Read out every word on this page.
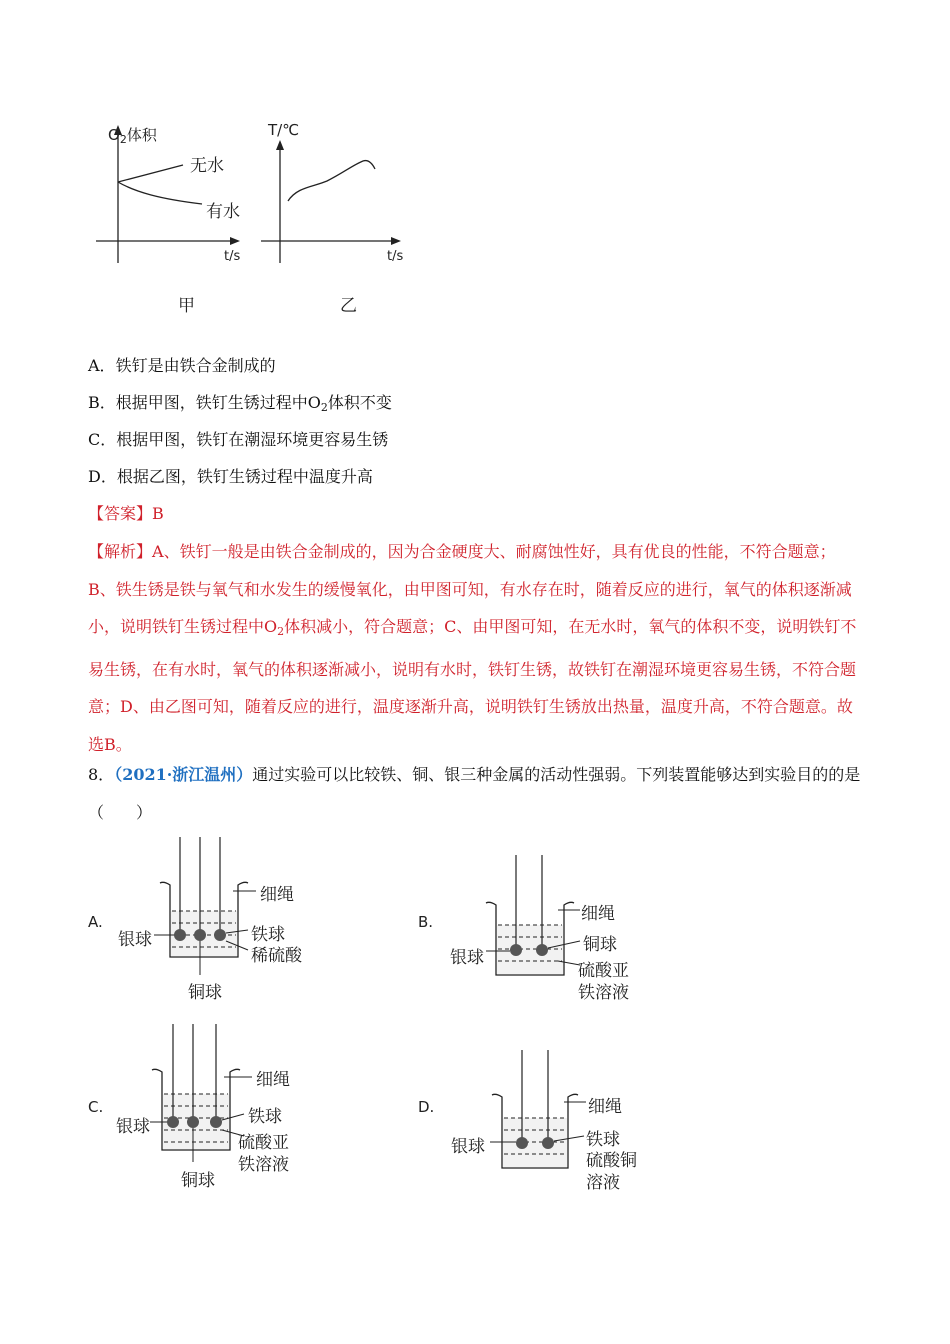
$O_2$体积
无水
有水
t/s
甲
T/℃
t/s
乙
A．铁钉是由铁合金制成的
B．根据甲图，铁钉生锈过程中$O_2$体积不变
C．根据甲图，铁钉在潮湿环境更容易生锈
D．根据乙图，铁钉生锈过程中温度升高
【答案】B
【解析】A、铁钉一般是由铁合金制成的，因为合金硬度大、耐腐蚀性好，具有优良的性能，不符合题意；B、铁生锈是铁与氧气和水发生的缓慢氧化，由甲图可知，有水存在时，随着反应的进行，氧气的体积逐渐减小，说明铁钉生锈过程中$O_2$体积减小，符合题意；C、由甲图可知，在无水时，氧气的体积不变，说明铁钉不易生锈，在有水时，氧气的体积逐渐减小，说明有水时，铁钉生锈，故铁钉在潮湿环境更容易生锈，不符合题意；D、由乙图可知，随着反应的进行，温度逐渐升高，说明铁钉生锈放出热量，温度升高，不符合题意。故选B。
8．（2021·浙江温州）通过实验可以比较铁、铜、银三种金属的活动性强弱。下列装置能够达到实验目的的是（　　）
A.
细绳
银球	铁球
稀硫酸
铜球
B.	细绳
银球
铜球
硫酸亚
铁溶液
C.
细绳
银球	铁球
硫酸亚
铁溶液
铜球
D.	细绳
银球	铁球
硫酸铜
溶液
